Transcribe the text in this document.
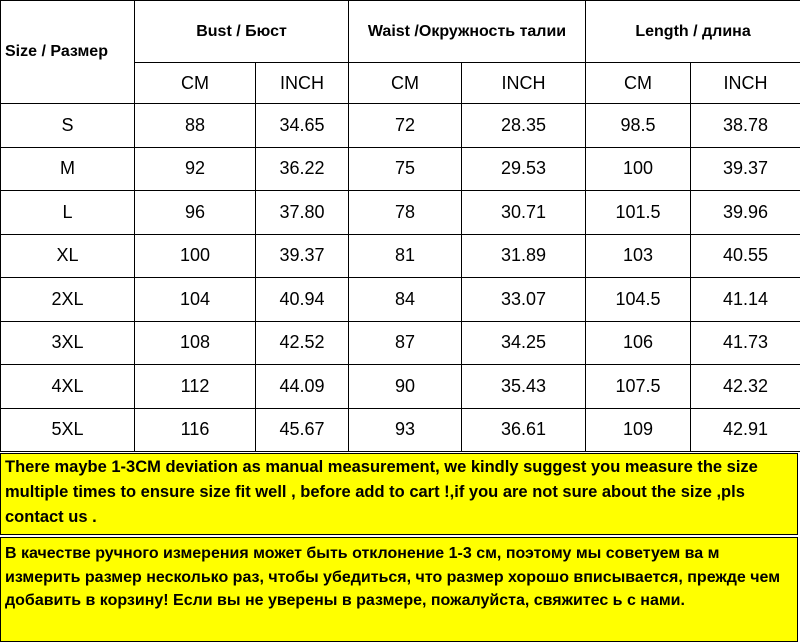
Size / Размер	Bust / Бюст		Waist /Окружность талии		Length / длина	
	CM	INCH	CM	INCH	CM	INCH
S	88	34.65	72	28.35	98.5	38.78
M	92	36.22	75	29.53	100	39.37
L	96	37.80	78	30.71	101.5	39.96
XL	100	39.37	81	31.89	103	40.55
2XL	104	40.94	84	33.07	104.5	41.14
3XL	108	42.52	87	34.25	106	41.73
4XL	112	44.09	90	35.43	107.5	42.32
5XL	116	45.67	93	36.61	109	42.91
There maybe 1-3CM deviation as manual measurement, we kindly suggest you measure the size multiple times to ensure size fit well , before add to cart !,if you are not sure about the size ,pls contact us .
В качестве ручного измерения может быть отклонение 1-3 см, поэтому мы советуем ва м измерить размер несколько раз, чтобы убедиться, что размер хорошо вписывается, прежде чем добавить в корзину! Если вы не уверены в размере, пожалуйста, свяжитес ь с нами.
